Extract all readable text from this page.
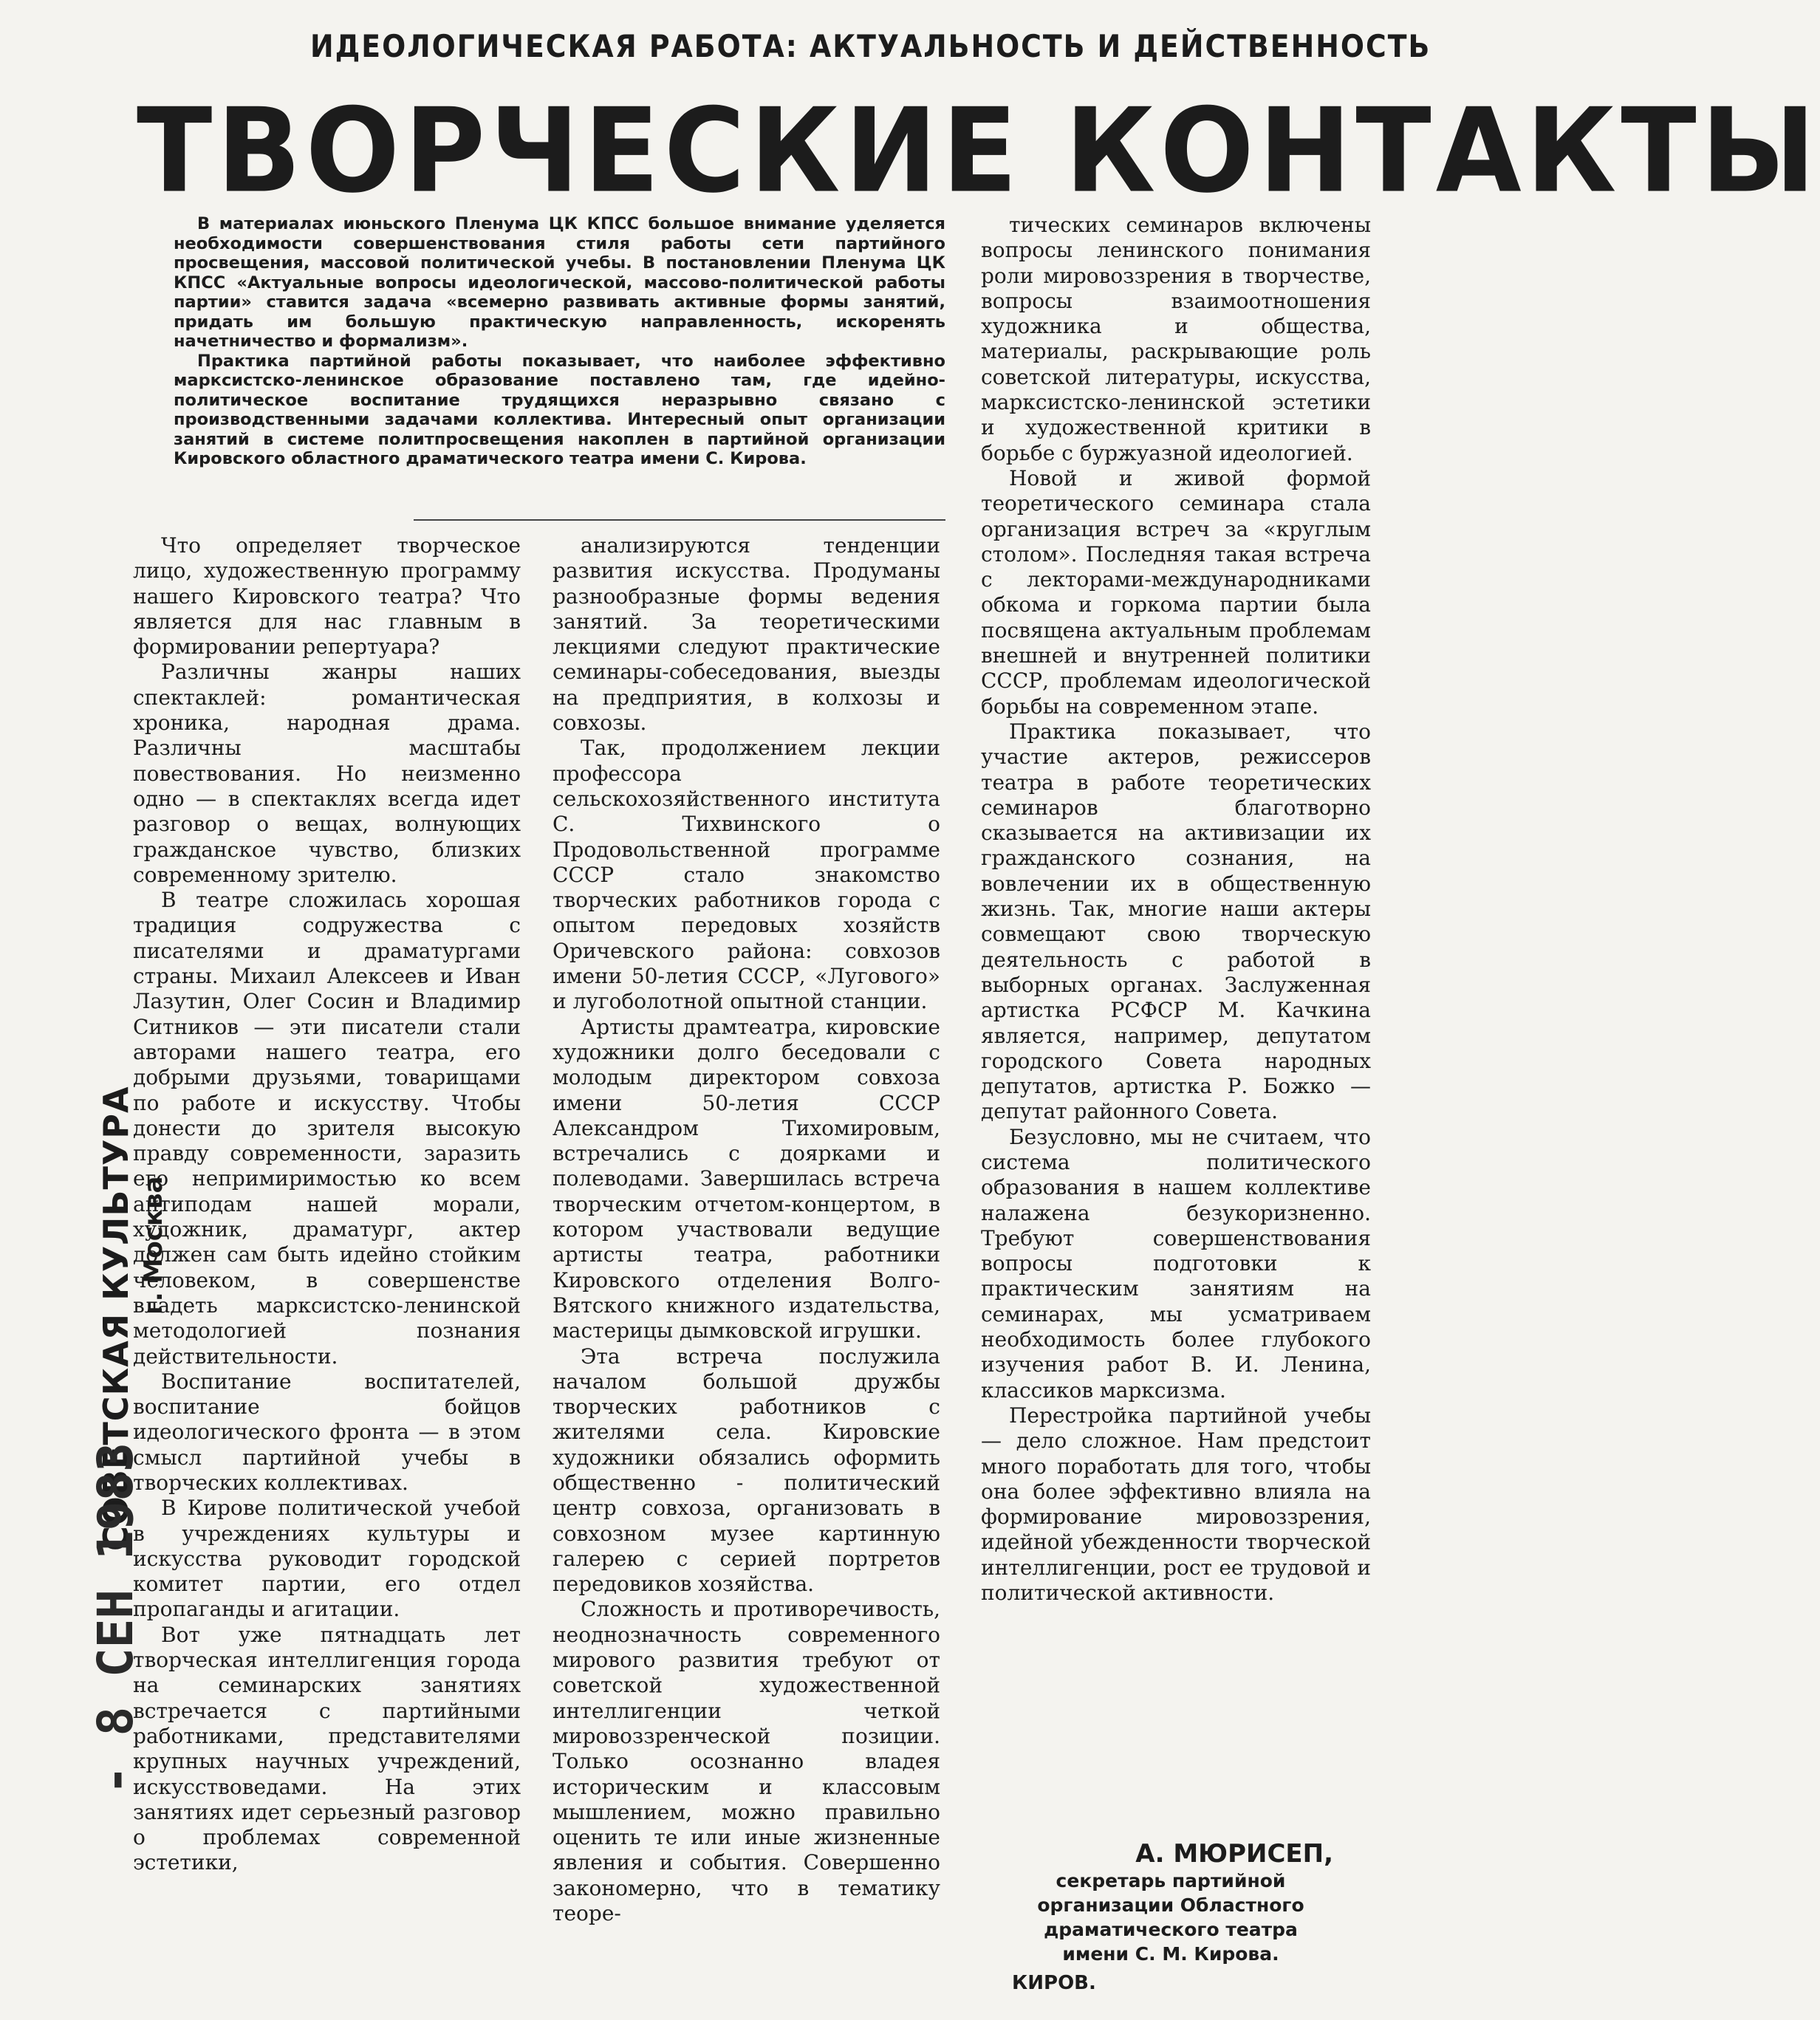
ИДЕОЛОГИЧЕСКАЯ РАБОТА: АКТУАЛЬНОСТЬ И ДЕЙСТВЕННОСТЬ
ТВОРЧЕСКИЕ КОНТАКТЫ

В материалах июньского Пленума ЦК КПСС большое внимание уделяется необходимости совершенствования стиля работы сети партийного просвещения, массовой политической учебы. В постановлении Пленума ЦК КПСС «Актуальные вопросы идеологической, массово-политической работы партии» ставится задача «всемерно развивать активные формы занятий, придать им большую практическую направленность, искоренять начетничество и формализм».

Практика партийной работы показывает, что наиболее эффективно марксистско-ленинское образование поставлено там, где идейно-политическое воспитание трудящихся неразрывно связано с производственными задачами коллектива. Интересный опыт организации занятий в системе политпросвещения накоплен в партийной организации Кировского областного драматического театра имени С. Кирова.

Что определяет творческое лицо, художественную программу нашего Кировского театра? Что является для нас главным в формировании репертуара?

Различны жанры наших спектаклей: романтическая хроника, народная драма. Различны масштабы повествования. Но неизменно одно — в спектаклях всегда идет разговор о вещах, волнующих гражданское чувство, близких современному зрителю.

В театре сложилась хорошая традиция содружества с писателями и драматургами страны. Михаил Алексеев и Иван Лазутин, Олег Сосин и Владимир Ситников — эти писатели стали авторами нашего театра, его добрыми друзьями, товарищами по работе и искусству. Чтобы донести до зрителя высокую правду современности, заразить его непримиримостью ко всем антиподам нашей морали, художник, драматург, актер должен сам быть идейно стойким человеком, в совершенстве владеть марксистско-ленинской методологией познания действительности.

Воспитание воспитателей, воспитание бойцов идеологического фронта — в этом смысл партийной учебы в творческих коллективах.

В Кирове политической учебой в учреждениях культуры и искусства руководит городской комитет партии, его отдел пропаганды и агитации.

Вот уже пятнадцать лет творческая интеллигенция города на семинарских занятиях встречается с партийными работниками, представителями крупных научных учреждений, искусствоведами. На этих занятиях идет серьезный разговор о проблемах современной эстетики,

анализируются тенденции развития искусства. Продуманы разнообразные формы ведения занятий. За теоретическими лекциями следуют практические семинары-собеседования, выезды на предприятия, в колхозы и совхозы.

Так, продолжением лекции профессора сельскохозяйственного института С. Тихвинского о Продовольственной программе СССР стало знакомство творческих работников города с опытом передовых хозяйств Оричевского района: совхозов имени 50-летия СССР, «Лугового» и лугоболотной опытной станции.

Артисты драмтеатра, кировские художники долго беседовали с молодым директором совхоза имени 50-летия СССР Александром Тихомировым, встречались с доярками и полеводами. Завершилась встреча творческим отчетом-концертом, в котором участвовали ведущие артисты театра, работники Кировского отделения Волго-Вятского книжного издательства, мастерицы дымковской игрушки.

Эта встреча послужила началом большой дружбы творческих работников с жителями села. Кировские художники обязались оформить общественно - политический центр совхоза, организовать в совхозном музее картинную галерею с серией портретов передовиков хозяйства.

Сложность и противоречивость, неоднозначность современного мирового развития требуют от советской художественной интеллигенции четкой мировоззренческой позиции. Только осознанно владея историческим и классовым мышлением, можно правильно оценить те или иные жизненные явления и события. Совершенно закономерно, что в тематику теоре-

тических семинаров включены вопросы ленинского понимания роли мировоззрения в творчестве, вопросы взаимоотношения художника и общества, материалы, раскрывающие роль советской литературы, искусства, марксистско-ленинской эстетики и художественной критики в борьбе с буржуазной идеологией.

Новой и живой формой теоретического семинара стала организация встреч за «круглым столом». Последняя такая встреча с лекторами-международниками обкома и горкома партии была посвящена актуальным проблемам внешней и внутренней политики СССР, проблемам идеологической борьбы на современном этапе.

Практика показывает, что участие актеров, режиссеров театра в работе теоретических семинаров благотворно сказывается на активизации их гражданского сознания, на вовлечении их в общественную жизнь. Так, многие наши актеры совмещают свою творческую деятельность с работой в выборных органах. Заслуженная артистка РСФСР М. Качкина является, например, депутатом городского Совета народных депутатов, артистка Р. Божко — депутат районного Совета.

Безусловно, мы не считаем, что система политического образования в нашем коллективе налажена безукоризненно. Требуют совершенствования вопросы подготовки к практическим занятиям на семинарах, мы усматриваем необходимость более глубокого изучения работ В. И. Ленина, классиков марксизма.

Перестройка партийной учебы — дело сложное. Нам предстоит много поработать для того, чтобы она более эффективно влияла на формирование мировоззрения, идейной убежденности творческой интеллигенции, рост ее трудовой и политической активности.

СОВЕТСКАЯ КУЛЬТУРА г. Москва
- 8 СЕН 1983
А. МЮРИСЕП,
секретарь партийной
организации Областного
драматического театра
имени С. М. Кирова.
КИРОВ.
